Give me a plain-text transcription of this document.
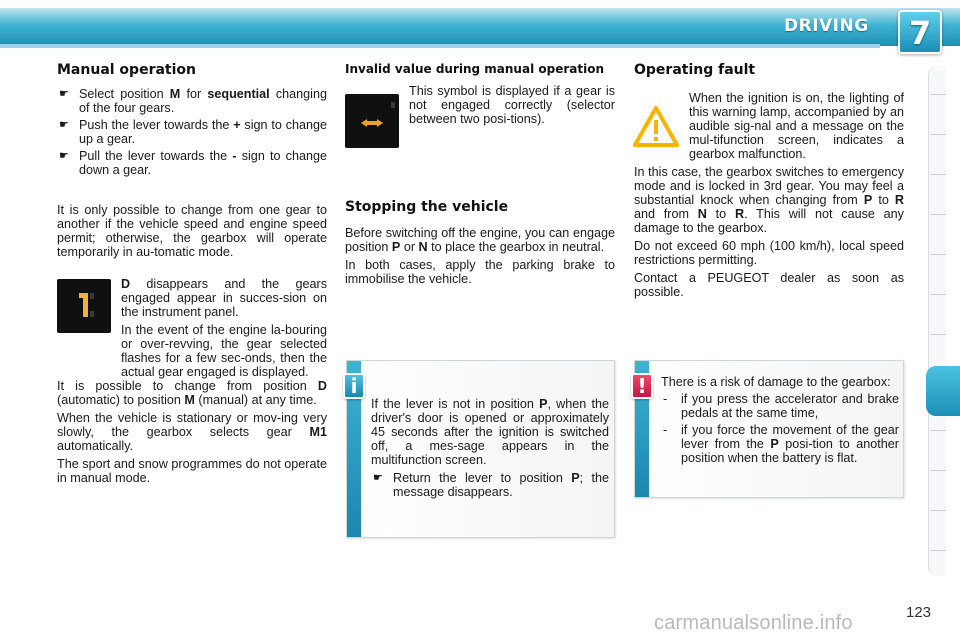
DRIVING 7
Manual operation
☛ Select position M for sequential changing of the four gears.
☛ Push the lever towards the + sign to change up a gear.
☛ Pull the lever towards the - sign to change down a gear.

It is only possible to change from one gear to another if the vehicle speed and engine speed permit; otherwise, the gearbox will operate temporarily in au-tomatic mode.

D disappears and the gears engaged appear in succes-sion on the instrument panel.

In the event of the engine la-bouring or over-revving, the gear selected flashes for a few sec-onds, then the actual gear engaged is displayed.

It is possible to change from position D (automatic) to position M (manual) at any time.

When the vehicle is stationary or mov-ing very slowly, the gearbox selects gear M1 automatically.

The sport and snow programmes do not operate in manual mode.

Invalid value during manual operation

This symbol is displayed if a gear is not engaged correctly (selector between two posi-tions).

Stopping the vehicle

Before switching off the engine, you can engage position P or N to place the gearbox in neutral.

In both cases, apply the parking brake to immobilise the vehicle.

i

If the lever is not in position P, when the driver's door is opened or approximately 45 seconds after the ignition is switched off, a mes-sage appears in the multifunction screen.

☛ Return the lever to position P; the message disappears.
Operating fault

When the ignition is on, the lighting of this warning lamp, accompanied by an audible sig-nal and a message on the mul-tifunction screen, indicates a gearbox malfunction.

In this case, the gearbox switches to emergency mode and is locked in 3rd gear. You may feel a substantial knock when changing from P to R and from N to R. This will not cause any damage to the gearbox.

Do not exceed 60 mph (100 km/h), local speed restrictions permitting.

Contact a PEUGEOT dealer as soon as possible.

!	There is a risk of damage to the gearbox:

-	if you press the accelerator and brake pedals at the same time,
-	if you force the movement of the gear lever from the P posi-tion to another position when the battery is flat.
123
carmanualsonline.info
